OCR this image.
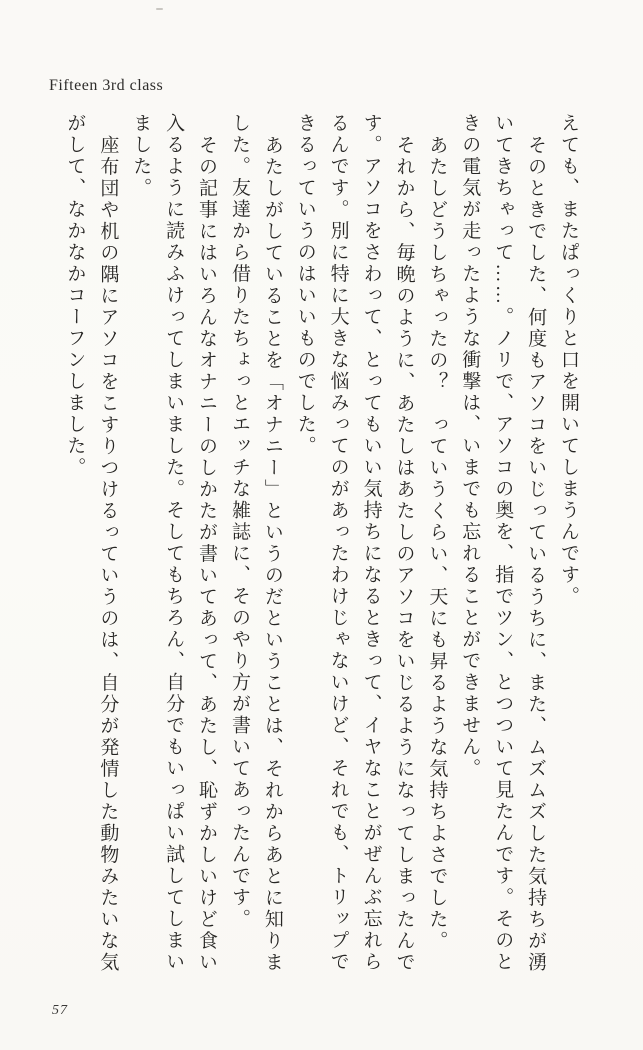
Fifteen 3rd class
えても、またぱっくりと口を開いてしまうんです。
そのときでした、何度もアソコをいじっているうちに、また、ムズムズした気持ちが湧
いてきちゃって……。ノリで、アソコの奥を、指でツン、とつついて見たんです。そのと
きの電気が走ったような衝撃は、いまでも忘れることができません。
あたしどうしちゃったの？　っていうくらい、天にも昇るような気持ちよさでした。
それから、毎晩のように、あたしはあたしのアソコをいじるようになってしまったんで
す。アソコをさわって、とってもいい気持ちになるときって、イヤなことがぜんぶ忘れら
るんです。別に特に大きな悩みってのがあったわけじゃないけど、それでも、トリップで
きるっていうのはいいものでした。
あたしがしていることを「オナニー」というのだということは、それからあとに知りま
した。友達から借りたちょっとエッチな雑誌に、そのやり方が書いてあったんです。
その記事にはいろんなオナニーのしかたが書いてあって、あたし、恥ずかしいけど食い
入るように読みふけってしまいました。そしてもちろん、自分でもいっぱい試してしまい
ました。
座布団や机の隅にアソコをこすりつけるっていうのは、自分が発情した動物みたいな気
がして、なかなかコーフンしました。
57
